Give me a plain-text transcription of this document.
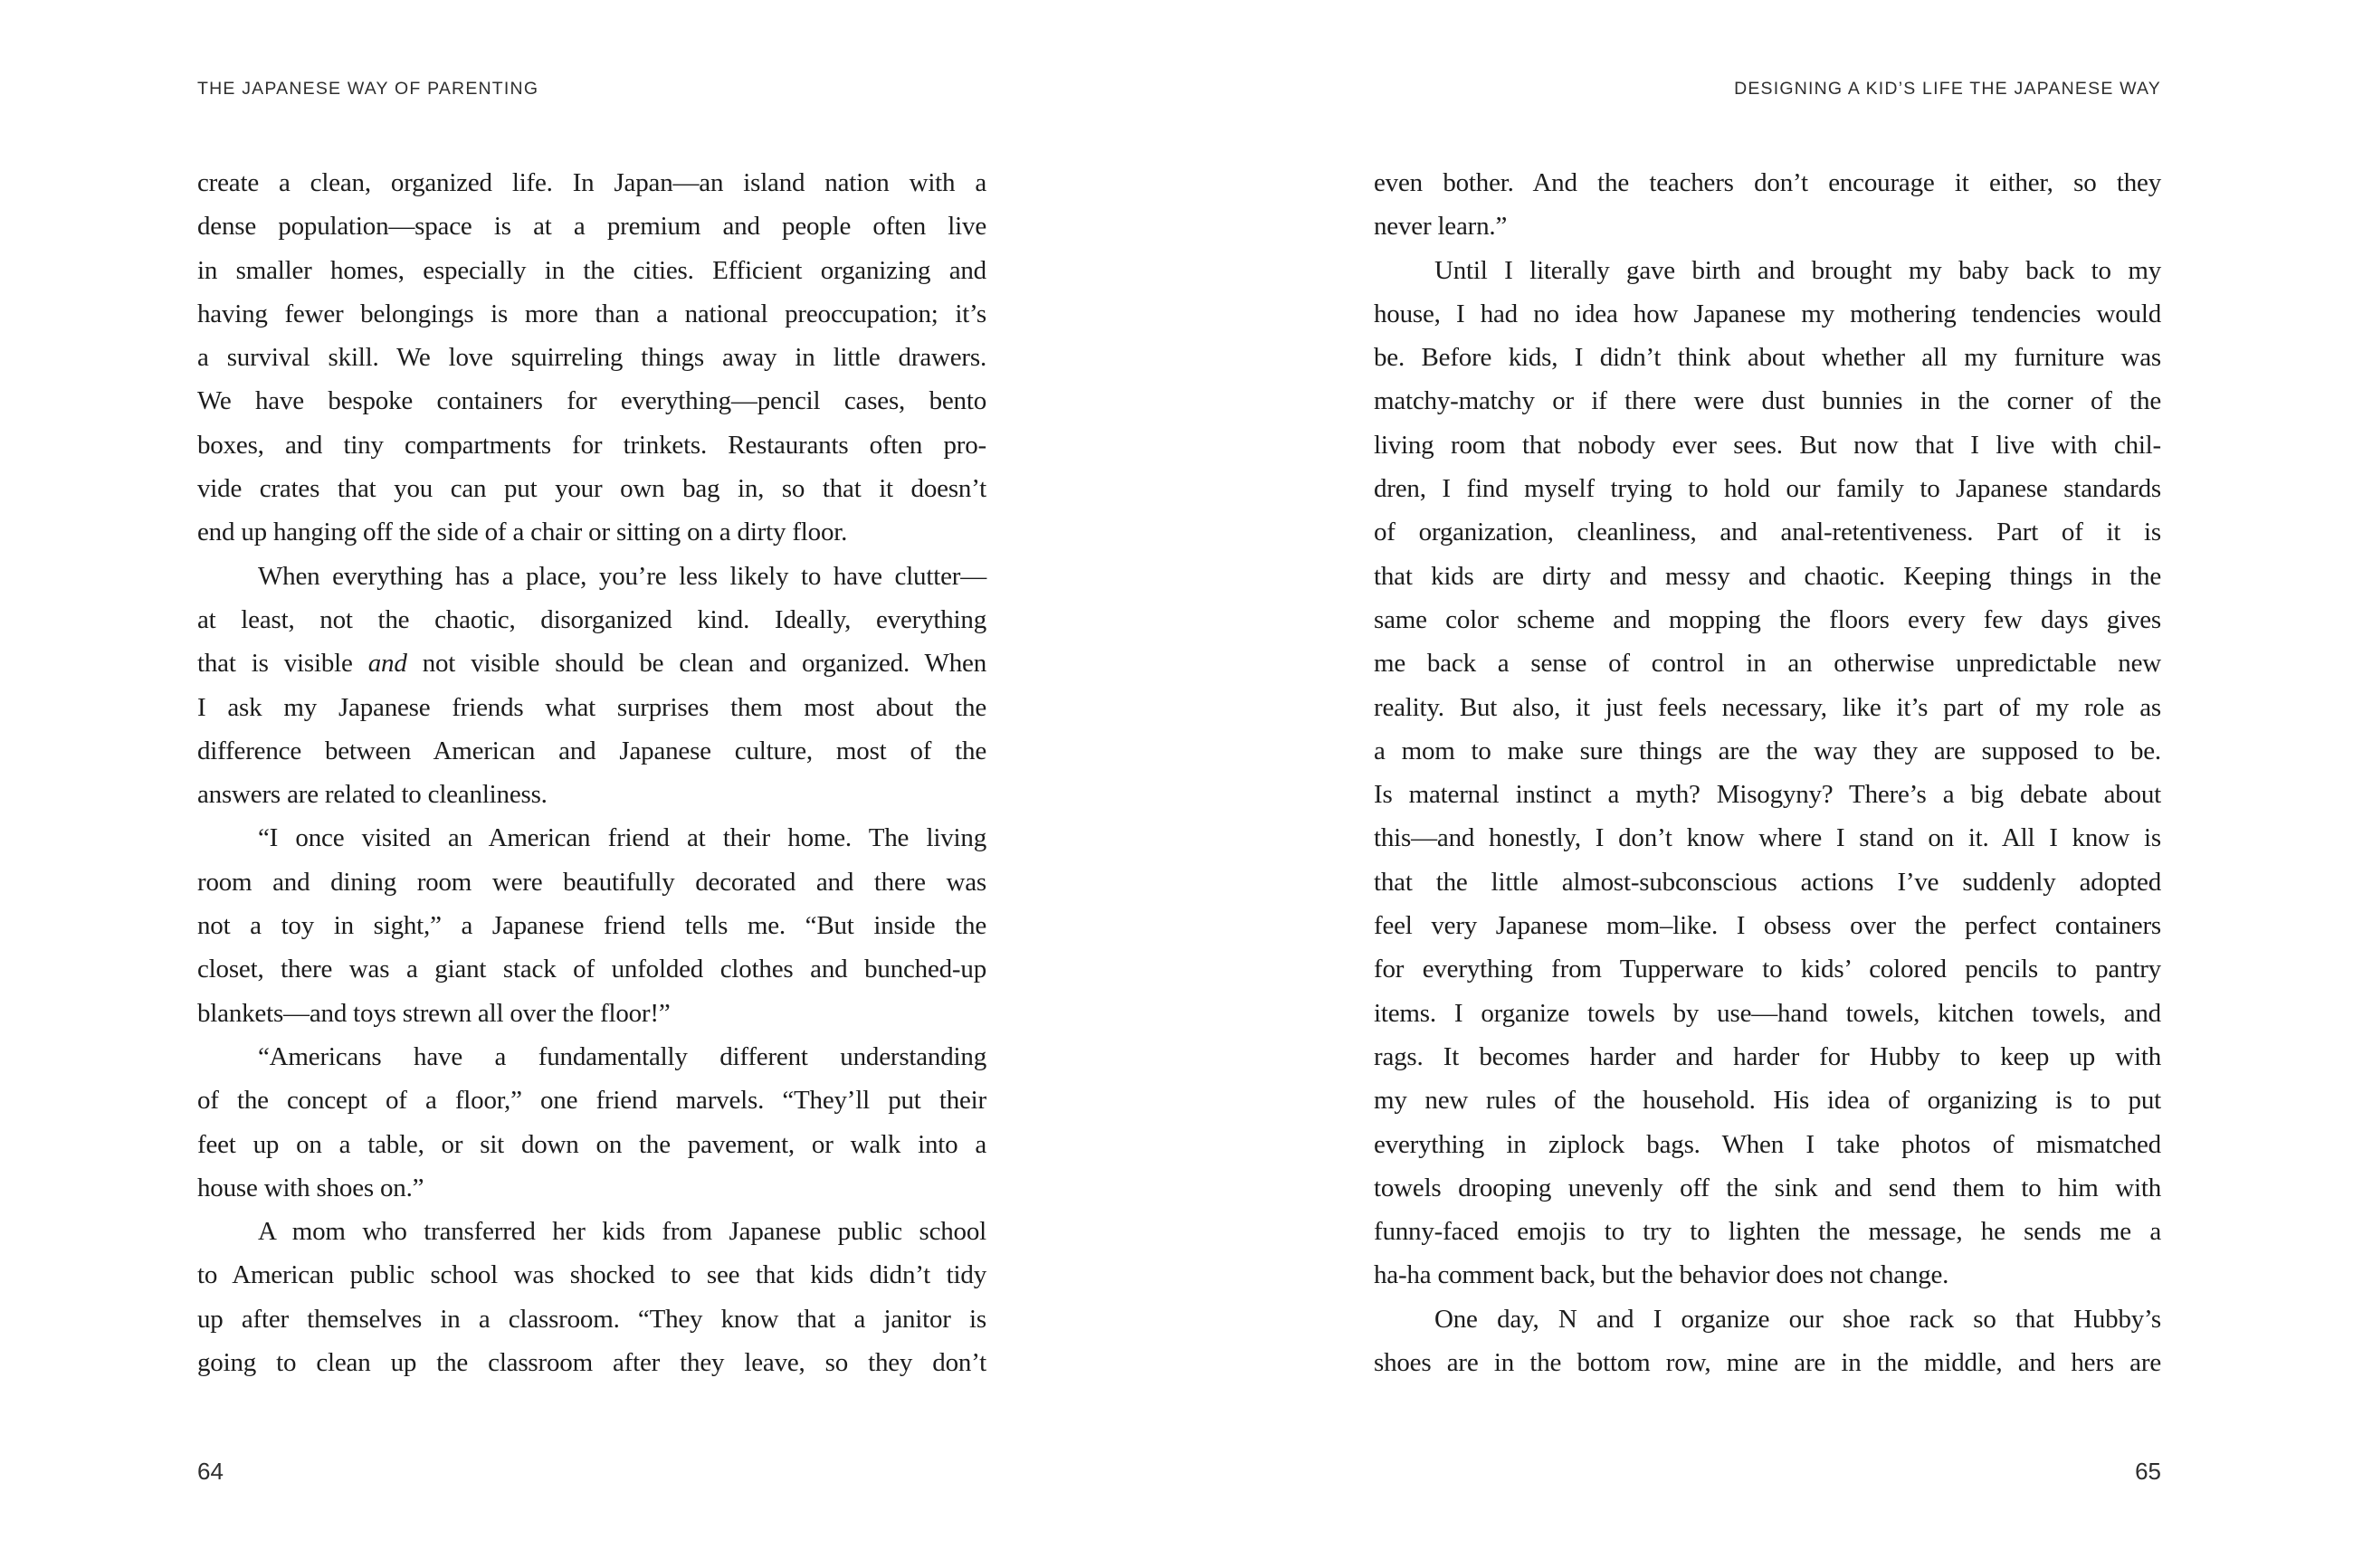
THE JAPANESE WAY OF PARENTING
create a clean, organized life. In Japan—an island nation with a
dense population—space is at a premium and people often live
in smaller homes, especially in the cities. Efficient organizing and
having fewer belongings is more than a national preoccupation; it’s
a survival skill. We love squirreling things away in little drawers.
We have bespoke containers for everything—pencil cases, bento
boxes, and tiny compartments for trinkets. Restaurants often pro-
vide crates that you can put your own bag in, so that it doesn’t
end up hanging off the side of a chair or sitting on a dirty floor.
When everything has a place, you’re less likely to have clutter—
at least, not the chaotic, disorganized kind. Ideally, everything
that is visible and not visible should be clean and organized. When
I ask my Japanese friends what surprises them most about the
difference between American and Japanese culture, most of the
answers are related to cleanliness.
“I once visited an American friend at their home. The living
room and dining room were beautifully decorated and there was
not a toy in sight,” a Japanese friend tells me. “But inside the
closet, there was a giant stack of unfolded clothes and bunched-up
blankets—and toys strewn all over the floor!”
“Americans have a fundamentally different understanding
of the concept of a floor,” one friend marvels. “They’ll put their
feet up on a table, or sit down on the pavement, or walk into a
house with shoes on.”
A mom who transferred her kids from Japanese public school
to American public school was shocked to see that kids didn’t tidy
up after themselves in a classroom. “They know that a janitor is
going to clean up the classroom after they leave, so they don’t
64
DESIGNING A KID’S LIFE THE JAPANESE WAY
even bother. And the teachers don’t encourage it either, so they
never learn.”
Until I literally gave birth and brought my baby back to my
house, I had no idea how Japanese my mothering tendencies would
be. Before kids, I didn’t think about whether all my furniture was
matchy-matchy or if there were dust bunnies in the corner of the
living room that nobody ever sees. But now that I live with chil-
dren, I find myself trying to hold our family to Japanese standards
of organization, cleanliness, and anal-retentiveness. Part of it is
that kids are dirty and messy and chaotic. Keeping things in the
same color scheme and mopping the floors every few days gives
me back a sense of control in an otherwise unpredictable new
reality. But also, it just feels necessary, like it’s part of my role as
a mom to make sure things are the way they are supposed to be.
Is maternal instinct a myth? Misogyny? There’s a big debate about
this—and honestly, I don’t know where I stand on it. All I know is
that the little almost-subconscious actions I’ve suddenly adopted
feel very Japanese mom–like. I obsess over the perfect containers
for everything from Tupperware to kids’ colored pencils to pantry
items. I organize towels by use—hand towels, kitchen towels, and
rags. It becomes harder and harder for Hubby to keep up with
my new rules of the household. His idea of organizing is to put
everything in ziplock bags. When I take photos of mismatched
towels drooping unevenly off the sink and send them to him with
funny-faced emojis to try to lighten the message, he sends me a
ha-ha comment back, but the behavior does not change.
One day, N and I organize our shoe rack so that Hubby’s
shoes are in the bottom row, mine are in the middle, and hers are
65
